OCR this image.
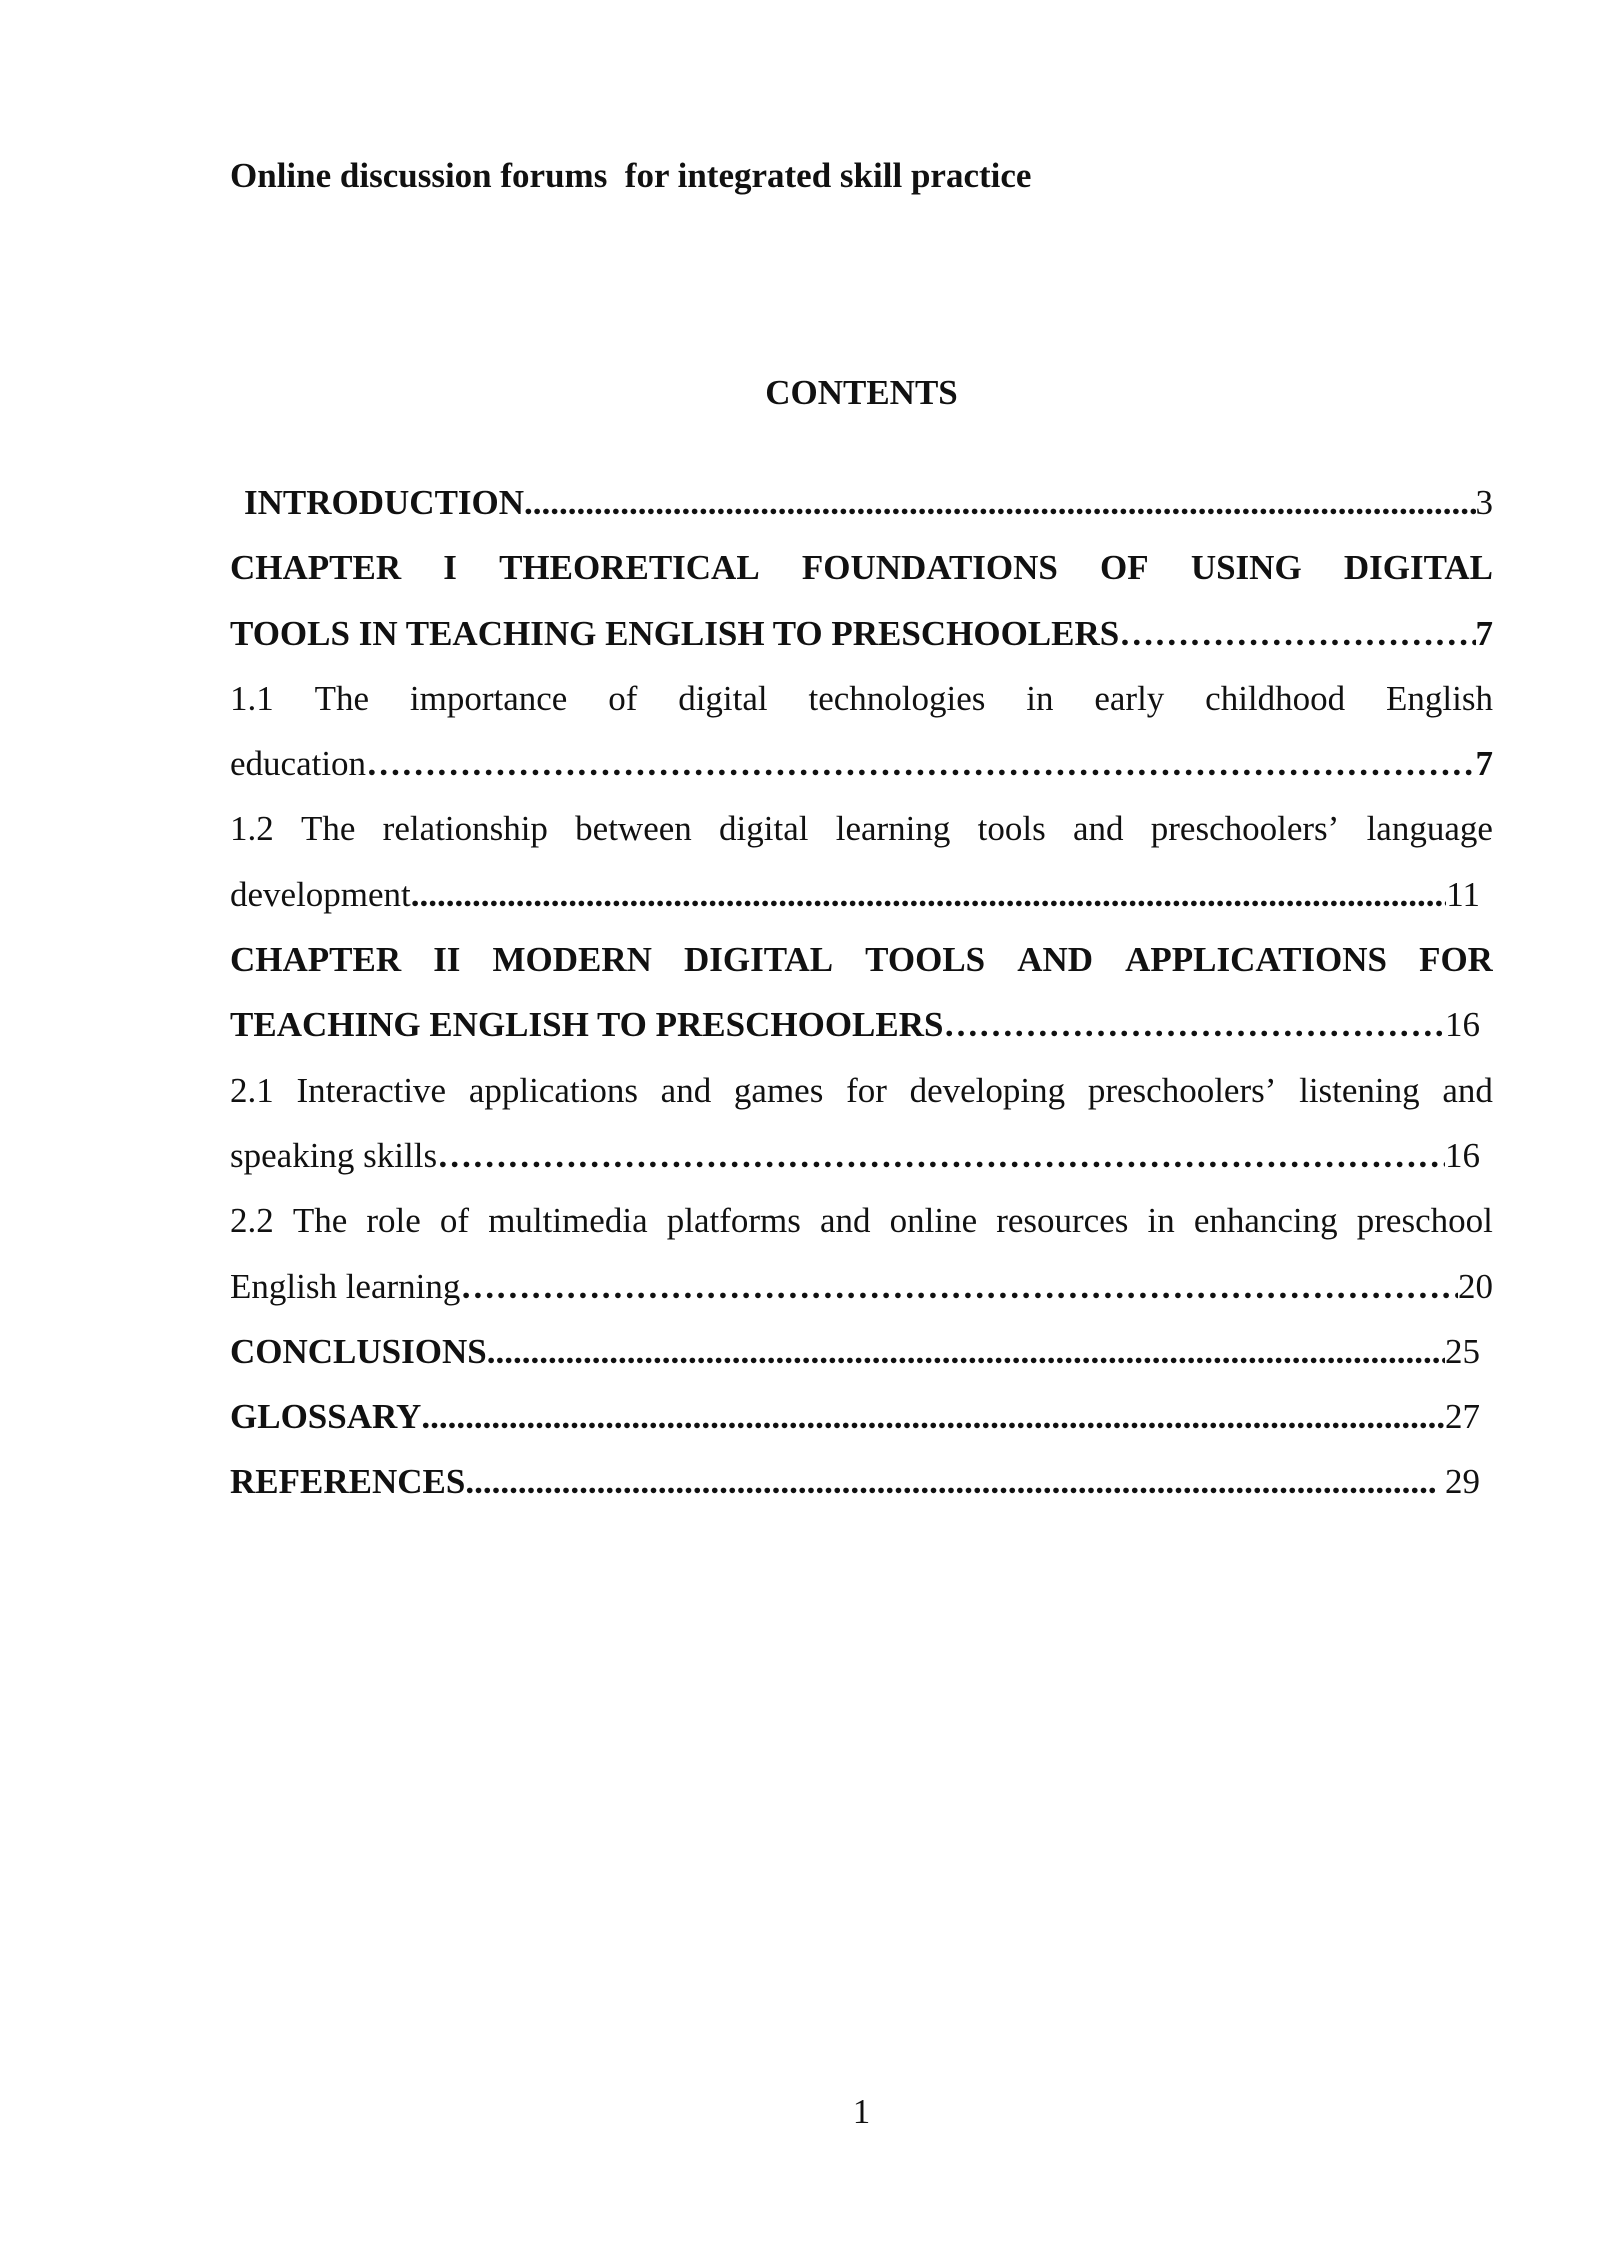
Online discussion forums  for integrated skill practice
CONTENTS
INTRODUCTION .....	3
CHAPTER I THEORETICAL FOUNDATIONS OF USING DIGITAL
TOOLS IN TEACHING ENGLISH TO PRESCHOOLERS ………………………………………………………………………………………………………………………………………………………………………………………………………………………	7
1.1 The importance of digital technologies in early childhood English
education ………………………………………………………………………………………………………………………………………………………………………………………………………………………	7
1.2 The relationship between digital learning tools and preschoolers’ language
development .....	11
CHAPTER II MODERN DIGITAL TOOLS AND APPLICATIONS FOR
TEACHING ENGLISH TO PRESCHOOLERS ………………………………………………………………………………………………………………………………………………………………………………………………………………………	16
2.1 Interactive applications and games for developing preschoolers’ listening and
speaking skills ………………………………………………………………………………………………………………………………………………………………………………………………………………………	16
2.2 The role of multimedia platforms and online resources in enhancing preschool
English learning ………………………………………………………………………………………………………………………………………………………………………………………………………………………	20
CONCLUSIONS .....	25
GLOSSARY .....	27
REFERENCES .....	29
1
